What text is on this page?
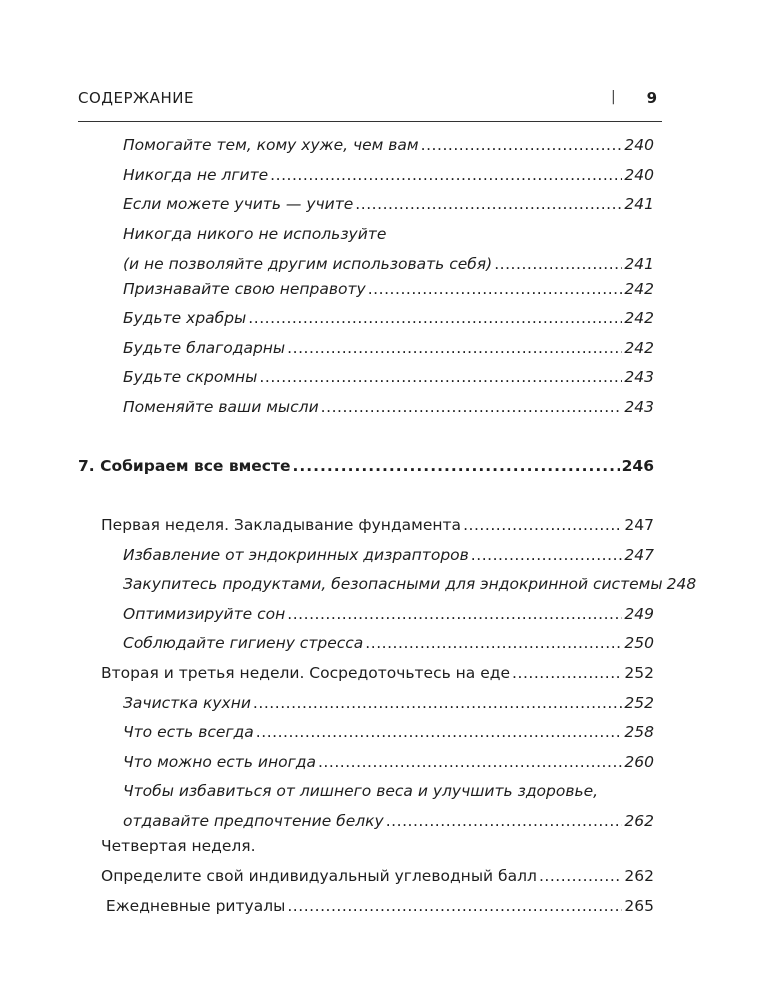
СОДЕРЖАНИЕ	| 9
Помогайте тем, кому хуже, чем вам . . .	240
Никогда не лгите . . .	240
Если можете учить — учите . . .	241
Никогда никого не используйте
(и не позволяйте другим использовать себя) . . .	241
Признавайте свою неправоту . . .	242
Будьте храбры . . .	242
Будьте благодарны . . .	242
Будьте скромны . . .	243
Поменяйте ваши мысли . . .	243
7. Собираем все вместе . . .	246
Первая неделя. Закладывание фундамента . . .	247
Избавление от эндокринных дизрапторов . . .	247
Закупитесь продуктами, безопасными для эндокринной системы 248
Оптимизируйте сон . . .	249
Соблюдайте гигиену стресса . . .	250
Вторая и третья недели. Сосредоточьтесь на еде . . .	252
Зачистка кухни . . .	252
Что есть всегда . . .	258
Что можно есть иногда . . .	260
Чтобы избавиться от лишнего веса и улучшить здоровье,
отдавайте предпочтение белку . . .	262
Четвертая неделя.
Определите свой индивидуальный углеводный балл . . .	262
Ежедневные ритуалы . . .	265
